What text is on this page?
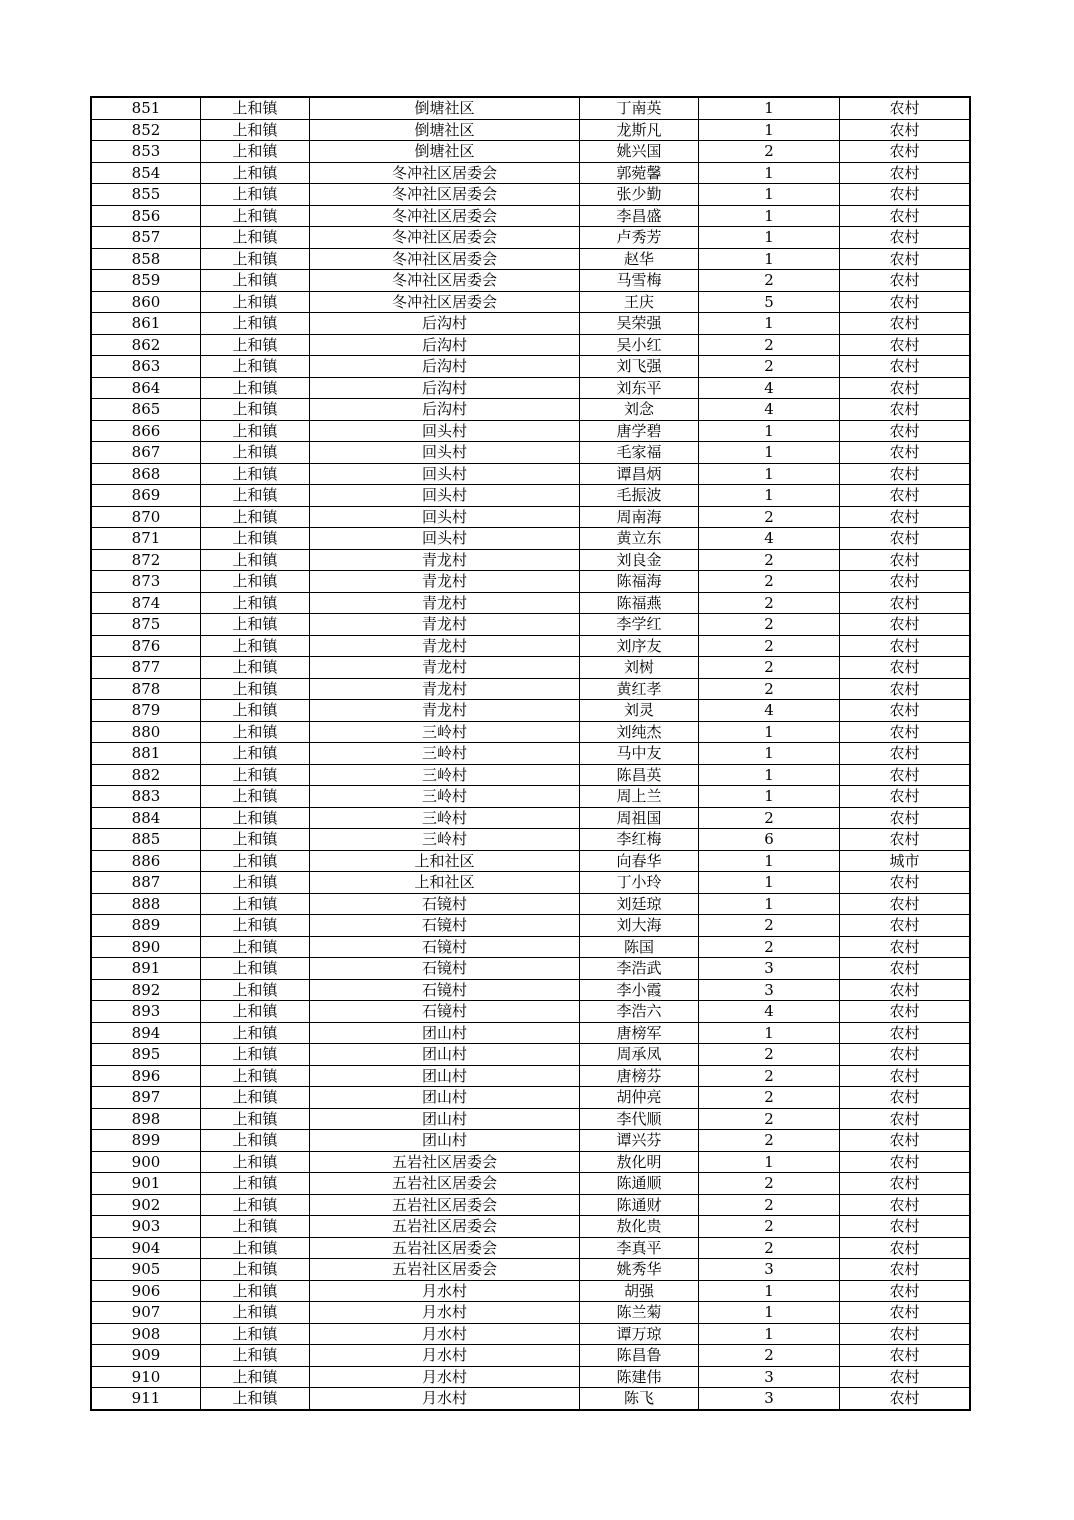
851	上和镇	倒塘社区	丁南英	1	农村
852	上和镇	倒塘社区	龙斯凡	1	农村
853	上和镇	倒塘社区	姚兴国	2	农村
854	上和镇	冬冲社区居委会	郭菀馨	1	农村
855	上和镇	冬冲社区居委会	张少勤	1	农村
856	上和镇	冬冲社区居委会	李昌盛	1	农村
857	上和镇	冬冲社区居委会	卢秀芳	1	农村
858	上和镇	冬冲社区居委会	赵华	1	农村
859	上和镇	冬冲社区居委会	马雪梅	2	农村
860	上和镇	冬冲社区居委会	王庆	5	农村
861	上和镇	后沟村	吴荣强	1	农村
862	上和镇	后沟村	吴小红	2	农村
863	上和镇	后沟村	刘飞强	2	农村
864	上和镇	后沟村	刘东平	4	农村
865	上和镇	后沟村	刘念	4	农村
866	上和镇	回头村	唐学碧	1	农村
867	上和镇	回头村	毛家福	1	农村
868	上和镇	回头村	谭昌炳	1	农村
869	上和镇	回头村	毛振波	1	农村
870	上和镇	回头村	周南海	2	农村
871	上和镇	回头村	黄立东	4	农村
872	上和镇	青龙村	刘良金	2	农村
873	上和镇	青龙村	陈福海	2	农村
874	上和镇	青龙村	陈福燕	2	农村
875	上和镇	青龙村	李学红	2	农村
876	上和镇	青龙村	刘序友	2	农村
877	上和镇	青龙村	刘树	2	农村
878	上和镇	青龙村	黄红孝	2	农村
879	上和镇	青龙村	刘灵	4	农村
880	上和镇	三岭村	刘纯杰	1	农村
881	上和镇	三岭村	马中友	1	农村
882	上和镇	三岭村	陈昌英	1	农村
883	上和镇	三岭村	周上兰	1	农村
884	上和镇	三岭村	周祖国	2	农村
885	上和镇	三岭村	李红梅	6	农村
886	上和镇	上和社区	向春华	1	城市
887	上和镇	上和社区	丁小玲	1	农村
888	上和镇	石镜村	刘廷琼	1	农村
889	上和镇	石镜村	刘大海	2	农村
890	上和镇	石镜村	陈国	2	农村
891	上和镇	石镜村	李浩武	3	农村
892	上和镇	石镜村	李小霞	3	农村
893	上和镇	石镜村	李浩六	4	农村
894	上和镇	团山村	唐榜军	1	农村
895	上和镇	团山村	周承凤	2	农村
896	上和镇	团山村	唐榜芬	2	农村
897	上和镇	团山村	胡仲亮	2	农村
898	上和镇	团山村	李代顺	2	农村
899	上和镇	团山村	谭兴芬	2	农村
900	上和镇	五岩社区居委会	敖化明	1	农村
901	上和镇	五岩社区居委会	陈通顺	2	农村
902	上和镇	五岩社区居委会	陈通财	2	农村
903	上和镇	五岩社区居委会	敖化贵	2	农村
904	上和镇	五岩社区居委会	李真平	2	农村
905	上和镇	五岩社区居委会	姚秀华	3	农村
906	上和镇	月水村	胡强	1	农村
907	上和镇	月水村	陈兰菊	1	农村
908	上和镇	月水村	谭万琼	1	农村
909	上和镇	月水村	陈昌鲁	2	农村
910	上和镇	月水村	陈建伟	3	农村
911	上和镇	月水村	陈飞	3	农村
